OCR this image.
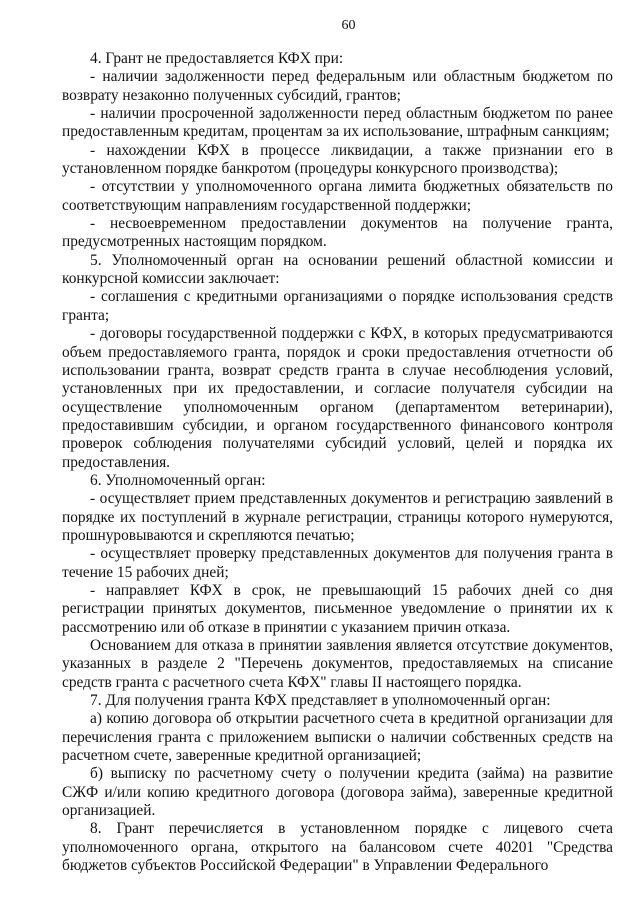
60

4. Грант не предоставляется КФХ при:

- наличии задолженности перед федеральным или областным бюджетом по возврату незаконно полученных субсидий, грантов;

- наличии просроченной задолженности перед областным бюджетом по ранее предоставленным кредитам, процентам за их использование, штрафным санкциям;

- нахождении КФХ в процессе ликвидации, а также признании его в установленном порядке банкротом (процедуры конкурсного производства);

- отсутствии у уполномоченного органа лимита бюджетных обязательств по соответствующим направлениям государственной поддержки;

- несвоевременном предоставлении документов на получение гранта, предусмотренных настоящим порядком.

5. Уполномоченный орган на основании решений областной комиссии и конкурсной комиссии заключает:

- соглашения с кредитными организациями о порядке использования средств гранта;

- договоры государственной поддержки с КФХ, в которых предусматриваются объем предоставляемого гранта, порядок и сроки предоставления отчетности об использовании гранта, возврат средств гранта в случае несоблюдения условий, установленных при их предоставлении, и согласие получателя субсидии на осуществление уполномоченным органом (департаментом ветеринарии), предоставившим субсидии, и органом государственного финансового контроля проверок соблюдения получателями субсидий условий, целей и порядка их предоставления.

6. Уполномоченный орган:

- осуществляет прием представленных документов и регистрацию заявлений в порядке их поступлений в журнале регистрации, страницы которого нумеруются, прошнуровываются и скрепляются печатью;

- осуществляет проверку представленных документов для получения гранта в течение 15 рабочих дней;

- направляет КФХ в срок, не превышающий 15 рабочих дней со дня регистрации принятых документов, письменное уведомление о принятии их к рассмотрению или об отказе в принятии с указанием причин отказа.

Основанием для отказа в принятии заявления является отсутствие документов, указанных в разделе 2 "Перечень документов, предоставляемых на списание средств гранта с расчетного счета КФХ" главы II настоящего порядка.

7. Для получения гранта КФХ представляет в уполномоченный орган:

а) копию договора об открытии расчетного счета в кредитной организации для перечисления гранта с приложением выписки о наличии собственных средств на расчетном счете, заверенные кредитной организацией;

б) выписку по расчетному счету о получении кредита (займа) на развитие СЖФ и/или копию кредитного договора (договора займа), заверенные кредитной организацией.

8. Грант перечисляется в установленном порядке с лицевого счета уполномоченного органа, открытого на балансовом счете 40201 "Средства бюджетов субъектов Российской Федерации" в Управлении Федерального
